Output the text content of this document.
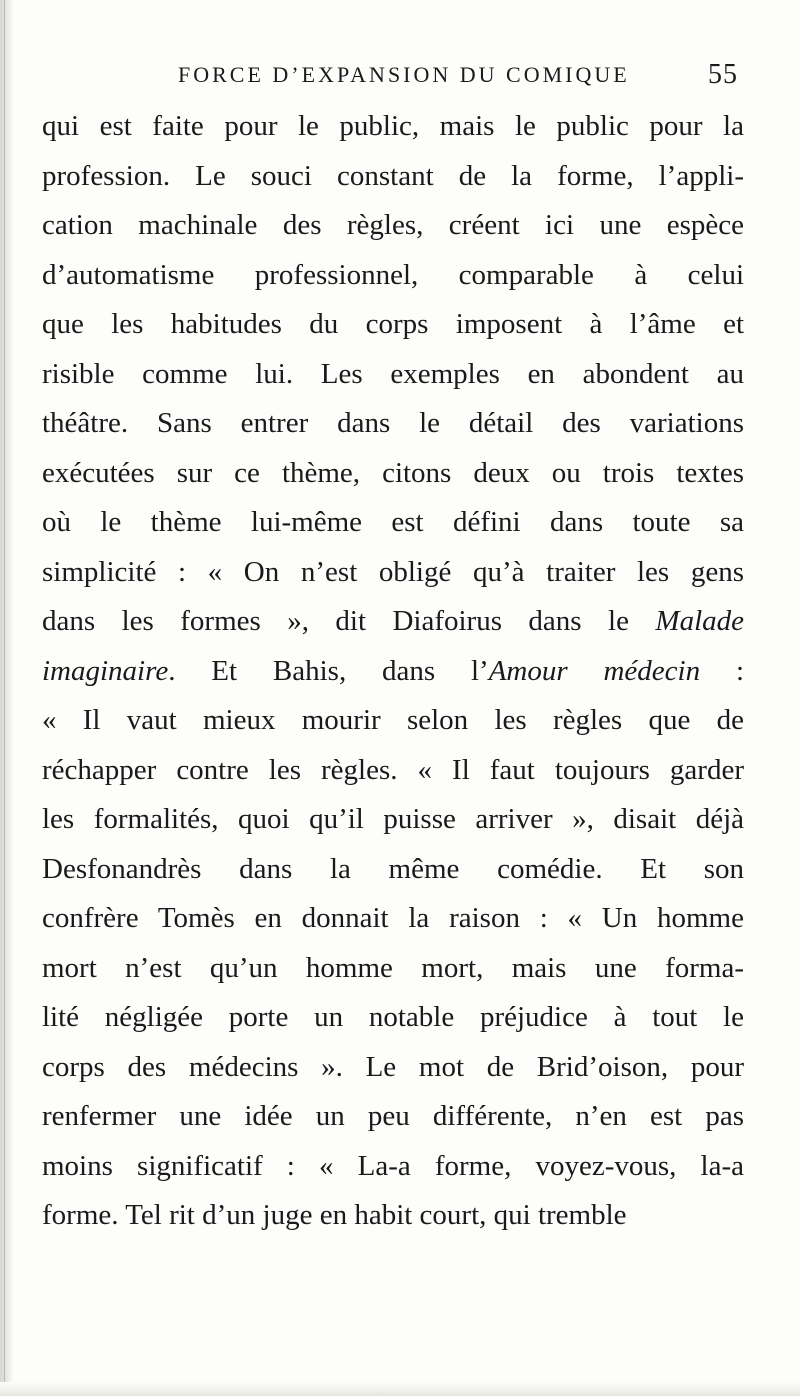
FORCE D’EXPANSION DU COMIQUE	55
qui est faite pour le public, mais le public pour la
profession. Le souci constant de la forme, l’appli-
cation machinale des règles, créent ici une espèce
d’automatisme professionnel, comparable à celui
que les habitudes du corps imposent à l’âme et
risible comme lui. Les exemples en abondent au
théâtre. Sans entrer dans le détail des variations
exécutées sur ce thème, citons deux ou trois textes
où le thème lui-même est défini dans toute sa
simplicité : « On n’est obligé qu’à traiter les gens
dans les formes », dit Diafoirus dans le Malade
imaginaire. Et Bahis, dans l’Amour médecin :
« Il vaut mieux mourir selon les règles que de
réchapper contre les règles. « Il faut toujours garder
les formalités, quoi qu’il puisse arriver », disait déjà
Desfonandrès dans la même comédie. Et son
confrère Tomès en donnait la raison : « Un homme
mort n’est qu’un homme mort, mais une forma-
lité négligée porte un notable préjudice à tout le
corps des médecins ». Le mot de Brid’oison, pour
renfermer une idée un peu différente, n’en est pas
moins significatif : « La-a forme, voyez-vous, la-a
forme. Tel rit d’un juge en habit court, qui tremble
